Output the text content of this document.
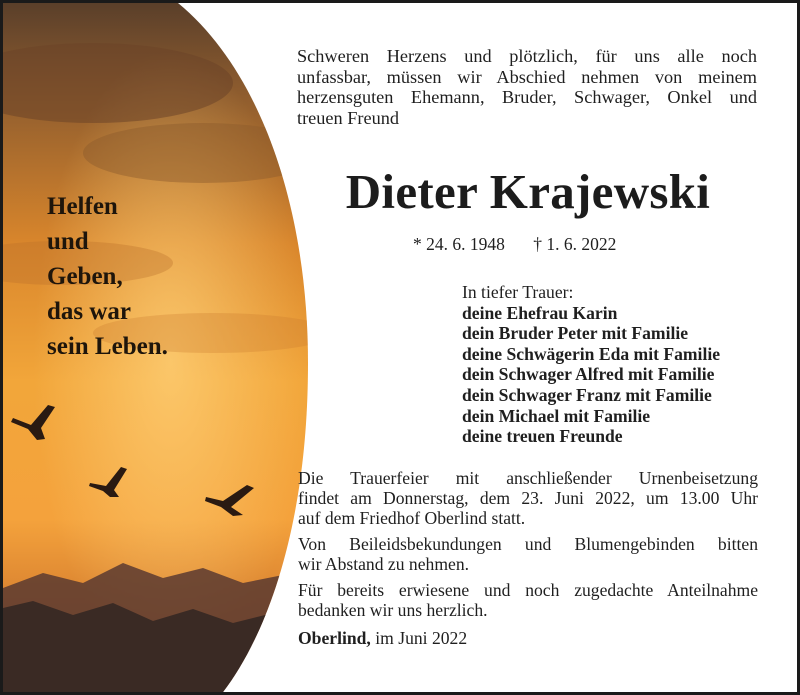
Helfen
und
Geben,
das war
sein Leben.
Schweren Herzens und plötzlich, für uns alle noch
unfassbar, müssen wir Abschied nehmen von meinem
herzensguten Ehemann, Bruder, Schwager, Onkel und
treuen Freund
Dieter Krajewski
* 24. 6. 1948 † 1. 6. 2022
In tiefer Trauer:
deine Ehefrau Karin
dein Bruder Peter mit Familie
deine Schwägerin Eda mit Familie
dein Schwager Alfred mit Familie
dein Schwager Franz mit Familie
dein Michael mit Familie
deine treuen Freunde

Die Trauerfeier mit anschließender Urnenbeisetzung
findet am Donnerstag, dem 23. Juni 2022, um 13.00 Uhr
auf dem Friedhof Oberlind statt.

Von Beileidsbekundungen und Blumengebinden bitten
wir Abstand zu nehmen.

Für bereits erwiesene und noch zugedachte Anteilnahme
bedanken wir uns herzlich.

Oberlind, im Juni 2022
